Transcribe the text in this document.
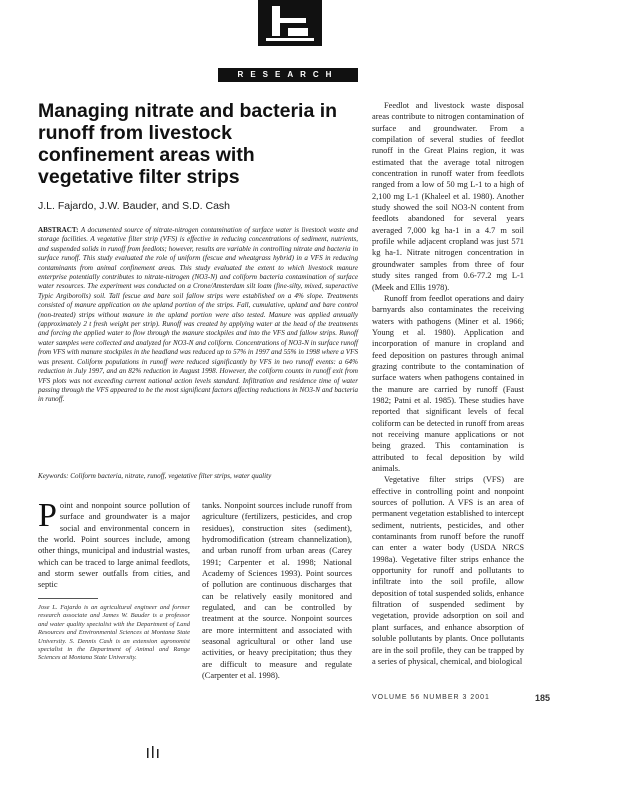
RESEARCH
Managing nitrate and bacteria in runoff from livestock confinement areas with vegetative filter strips
J.L. Fajardo, J.W. Bauder, and S.D. Cash
ABSTRACT: A documented source of nitrate-nitrogen contamination of surface water is livestock waste and storage facilities. A vegetative filter strip (VFS) is effective in reducing concentrations of sediment, nutrients, and suspended solids in runoff from feedlots; however, results are variable in controlling nitrate and bacteria in surface runoff. This study evaluated the role of uniform (fescue and wheatgrass hybrid) in a VFS in reducing contaminants from animal confinement areas. This study evaluated the extent to which livestock manure enterprise potentially contributes to nitrate-nitrogen (NO3-N) and coliform bacteria contamination of surface water resources. The experiment was conducted on a Crone/Amsterdam silt loam (fine-silty, mixed, superactive Typic Argiborolls) soil. Tall fescue and bare soil fallow strips were established on a 4% slope. Treatments consisted of manure application on the upland portion of the strips. Fall, cumulative, upland and bare control (non-treated) strips without manure in the upland portion were also tested. Manure was applied annually (approximately 2 t fresh weight per strip). Runoff was created by applying water at the head of the treatments and forcing the applied water to flow through the manure stockpiles and into the VFS and fallow strips. Runoff water samples were collected and analyzed for NO3-N and coliform. Concentrations of NO3-N in surface runoff from VFS with manure stockpiles in the headland was reduced up to 57% in 1997 and 55% in 1998 where a VFS was present. Coliform populations in runoff were reduced significantly by VFS in two runoff events: a 64% reduction in July 1997, and an 82% reduction in August 1998. However, the coliform counts in runoff exit from VFS plots was not exceeding current national action levels standard. Infiltration and residence time of water passing through the VFS appeared to be the most significant factors affecting reductions in NO3-N and bacteria in runoff.
Keywords: Coliform bacteria, nitrate, runoff, vegetative filter strips, water quality

Point and nonpoint source pollution of surface and groundwater is a major social and environmental concern in the world. Point sources include, among other things, municipal and industrial wastes, which can be traced to large animal feedlots, and storm sewer outfalls from cities, and septic

Jose L. Fajardo is an agricultural engineer and former research associate and James W. Bauder is a professor and water quality specialist with the Department of Land Resources and Environmental Sciences at Montana State University. S. Dennis Cash is an extension agronomist specialist in the Department of Animal and Range Sciences at Montana State University.

tanks. Nonpoint sources include runoff from agriculture (fertilizers, pesticides, and crop residues), construction sites (sediment), hydromodification (stream channelization), and urban runoff from urban areas (Carey 1991; Carpenter et al. 1998; National Academy of Sciences 1993). Point sources of pollution are continuous discharges that can be relatively easily monitored and regulated, and can be controlled by treatment at the source. Nonpoint sources are more intermittent and associated with seasonal agricultural or other land use activities, or heavy precipitation; thus they are difficult to measure and regulate (Carpenter et al. 1998).

Feedlot and livestock waste disposal areas contribute to nitrogen contamination of surface and groundwater. From a compilation of several studies of feedlot runoff in the Great Plains region, it was estimated that the average total nitrogen concentration in runoff water from feedlots ranged from a low of 50 mg L-1 to a high of 2,100 mg L-1 (Khaleel et al. 1980). Another study showed the soil NO3-N content from feedlots abandoned for several years averaged 7,000 kg ha-1 in a 4.7 m soil profile while adjacent cropland was just 571 kg ha-1. Nitrate nitrogen concentration in groundwater samples from three of four study sites ranged from 0.6-77.2 mg L-1 (Meek and Ellis 1978).

Runoff from feedlot operations and dairy barnyards also contaminates the receiving waters with pathogens (Miner et al. 1966; Young et al. 1980). Application and incorporation of manure in cropland and feed deposition on pastures through animal grazing contribute to the contamination of surface waters when pathogens contained in the manure are carried by runoff (Faust 1982; Patni et al. 1985). These studies have reported that significant levels of fecal coliform can be detected in runoff from areas not receiving manure applications or not being grazed. This contamination is attributed to fecal deposition by wild animals.

Vegetative filter strips (VFS) are effective in controlling point and nonpoint sources of pollution. A VFS is an area of permanent vegetation established to intercept sediment, nutrients, pesticides, and other contaminants from runoff before the runoff can enter a water body (USDA NRCS 1998a). Vegetative filter strips enhance the opportunity for runoff and pollutants to infiltrate into the soil profile, allow deposition of total suspended solids, enhance filtration of suspended sediment by vegetation, provide adsorption on soil and plant surfaces, and enhance absorption of soluble pollutants by plants. Once pollutants are in the soil profile, they can be trapped by a series of physical, chemical, and biological

VOLUME 56 NUMBER 3 2001	185
